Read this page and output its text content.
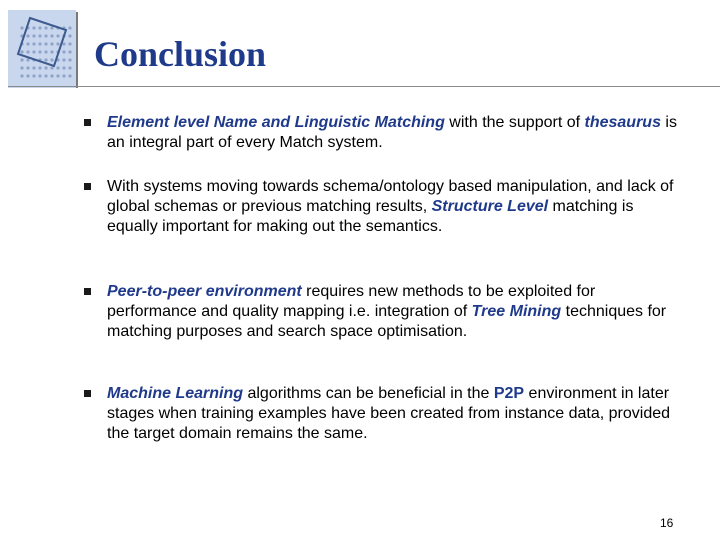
Conclusion
Element level Name and Linguistic Matching with the support of thesaurus is an integral part of every Match system.
With systems moving towards schema/ontology based manipulation, and lack of global schemas or previous matching results, Structure Level matching is equally important for making out the semantics.
Peer-to-peer environment requires new methods to be exploited for performance and quality mapping i.e. integration of Tree Mining techniques for matching purposes and search space optimisation.
Machine Learning algorithms can be beneficial in the P2P environment in later stages when training examples have been created from instance data, provided the target domain remains the same.
16
